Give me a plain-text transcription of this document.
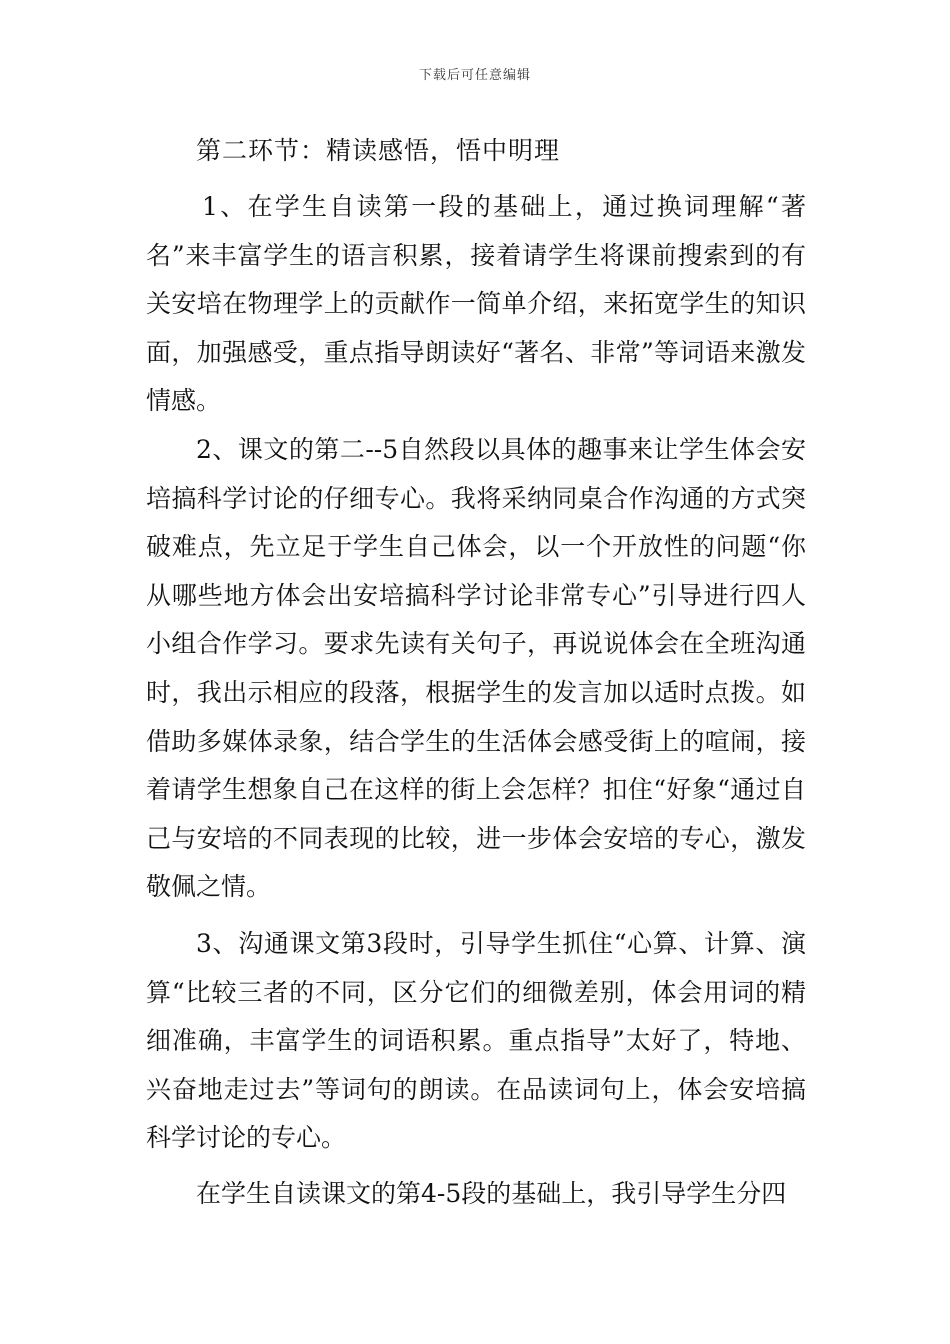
下载后可任意编辑
第二环节：精读感悟，悟中明理

1、在学生自读第一段的基础上，通过换词理解“著名”来丰富学生的语言积累，接着请学生将课前搜索到的有关安培在物理学上的贡献作一简单介绍，来拓宽学生的知识面，加强感受，重点指导朗读好“著名、非常”等词语来激发情感。

2、课文的第二--5自然段以具体的趣事来让学生体会安培搞科学讨论的仔细专心。我将采纳同桌合作沟通的方式突破难点，先立足于学生自己体会，以一个开放性的问题“你从哪些地方体会出安培搞科学讨论非常专心”引导进行四人小组合作学习。要求先读有关句子，再说说体会在全班沟通时，我出示相应的段落，根据学生的发言加以适时点拨。如借助多媒体录象，结合学生的生活体会感受街上的喧闹，接着请学生想象自己在这样的街上会怎样？扣住“好象“通过自己与安培的不同表现的比较，进一步体会安培的专心，激发敬佩之情。

3、沟通课文第3段时，引导学生抓住“心算、计算、演算“比较三者的不同，区分它们的细微差别，体会用词的精细准确，丰富学生的词语积累。重点指导”太好了，特地、兴奋地走过去”等词句的朗读。在品读词句上，体会安培搞科学讨论的专心。

在学生自读课文的第4-5段的基础上，我引导学生分四
